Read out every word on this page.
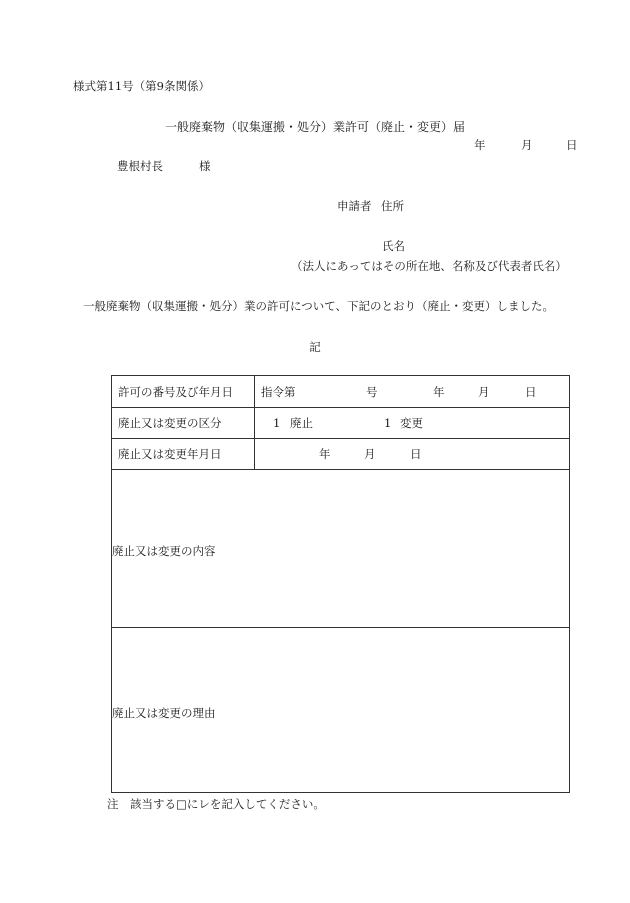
様式第11号（第9条関係）
一般廃棄物（収集運搬・処分）業許可（廃止・変更）届
年	月	日
豊根村長	様
申請者 住所
氏名
（法人にあってはその所在地、名称及び代表者氏名）
一般廃棄物（収集運搬・処分）業の許可について、下記のとおり（廃止・変更）しました。
記
許可の番号及び年月日	指令第 号 年 月 日

廃止又は変更の区分	1 廃止 1 変更

廃止又は変更年月日	年 月 日

廃止又は変更の内容	

廃止又は変更の理由	
注　該当する□にレを記入してください。
